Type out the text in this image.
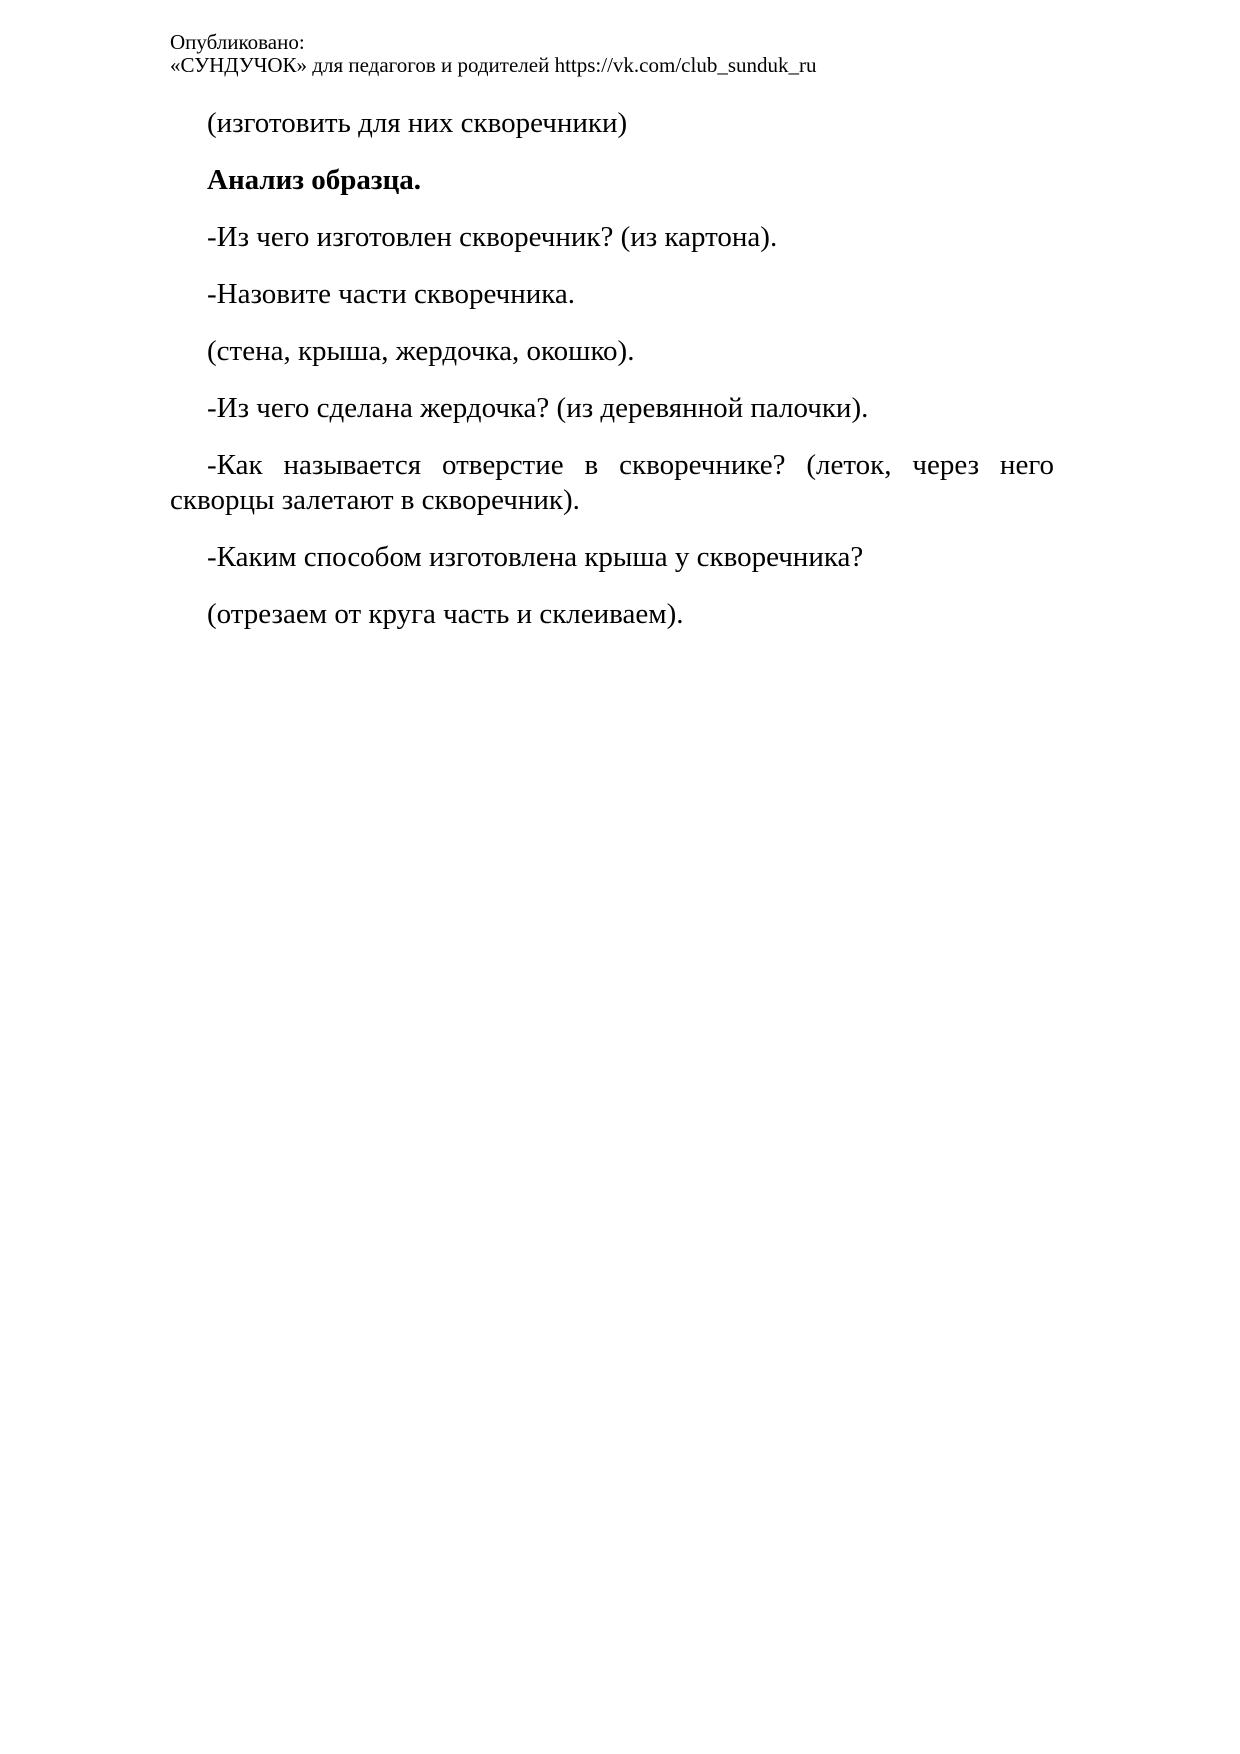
Опубликовано:
«СУНДУЧОК» для педагогов и родителей https://vk.com/club_sunduk_ru

(изготовить для них скворечники)

Анализ образца.

-Из чего изготовлен скворечник? (из картона).

-Назовите части скворечника.

(стена, крыша, жердочка, окошко).

-Из чего сделана жердочка? (из деревянной палочки).

-Как называется отверстие в скворечнике? (леток, через него скворцы залетают в скворечник).

-Каким способом изготовлена крыша у скворечника?

(отрезаем от круга часть и склеиваем).
